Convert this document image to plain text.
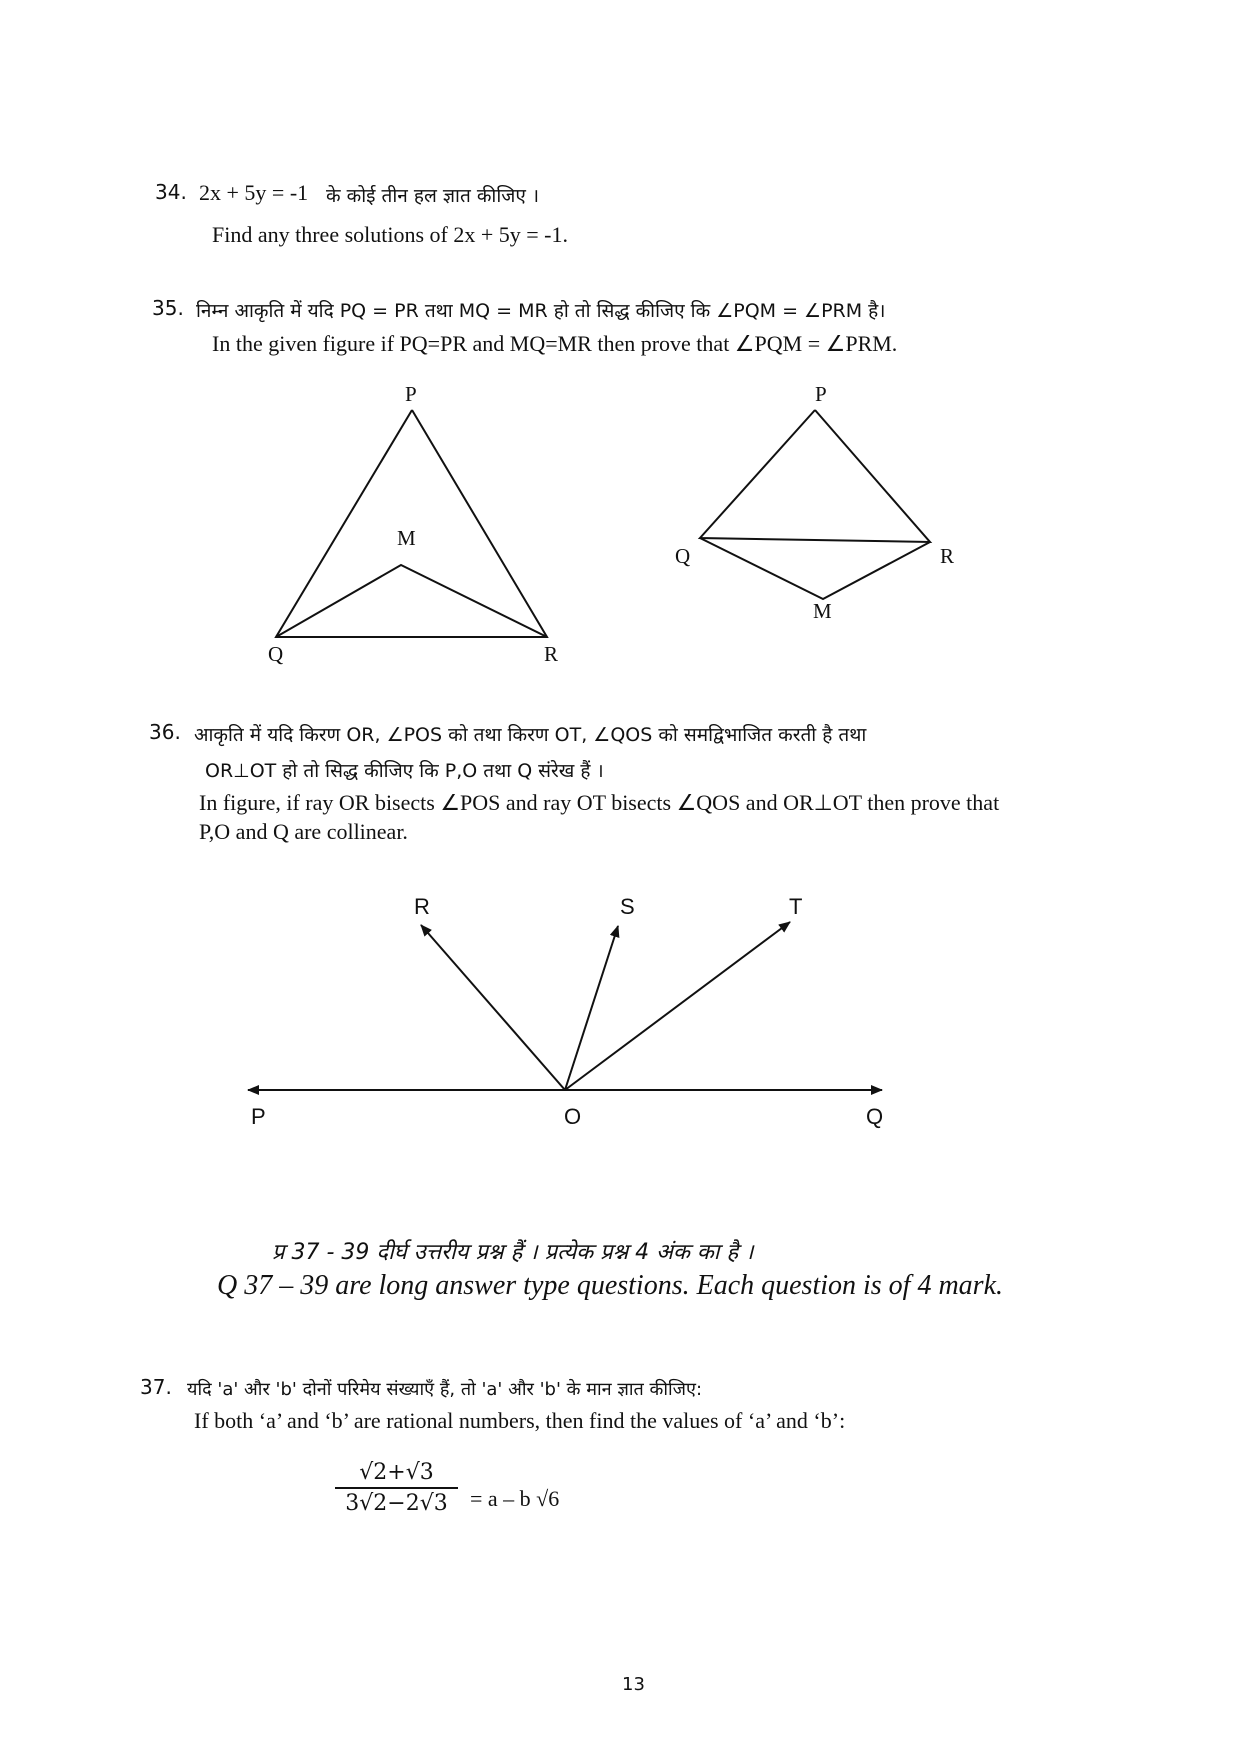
34. 2x + 5y = -1 के कोई तीन हल ज्ञात कीजिए ।
Find any three solutions of 2x + 5y = -1.
35. निम्न आकृति में यदि PQ = PR तथा MQ = MR हो तो सिद्ध कीजिए कि ∠PQM = ∠PRM है।
In the given figure if PQ=PR and MQ=MR then prove that ∠PQM = ∠PRM.
P
M
Q	R
P
Q	R
M
36. आकृति में यदि किरण OR, ∠POS को तथा किरण OT, ∠QOS को समद्विभाजित करती है तथा
OR⊥OT हो तो सिद्ध कीजिए कि P,O तथा Q संरेख हैं ।
In figure, if ray OR bisects ∠POS and ray OT bisects ∠QOS and OR⊥OT then prove that
P,O and Q are collinear.
R	S	T
P	O	Q
प्र 37 - 39 दीर्घ उत्तरीय प्रश्न हैं । प्रत्येक प्रश्न 4 अंक का है ।
Q 37 – 39 are long answer type questions. Each question is of 4 mark.
37. यदि 'a' और 'b' दोनों परिमेय संख्याएँ हैं, तो 'a' और 'b' के मान ज्ञात कीजिए:
If both ‘a’ and ‘b’ are rational numbers, then find the values of ‘a’ and ‘b’:
√2+√3
3√2−2√3	= a – b √6
13
